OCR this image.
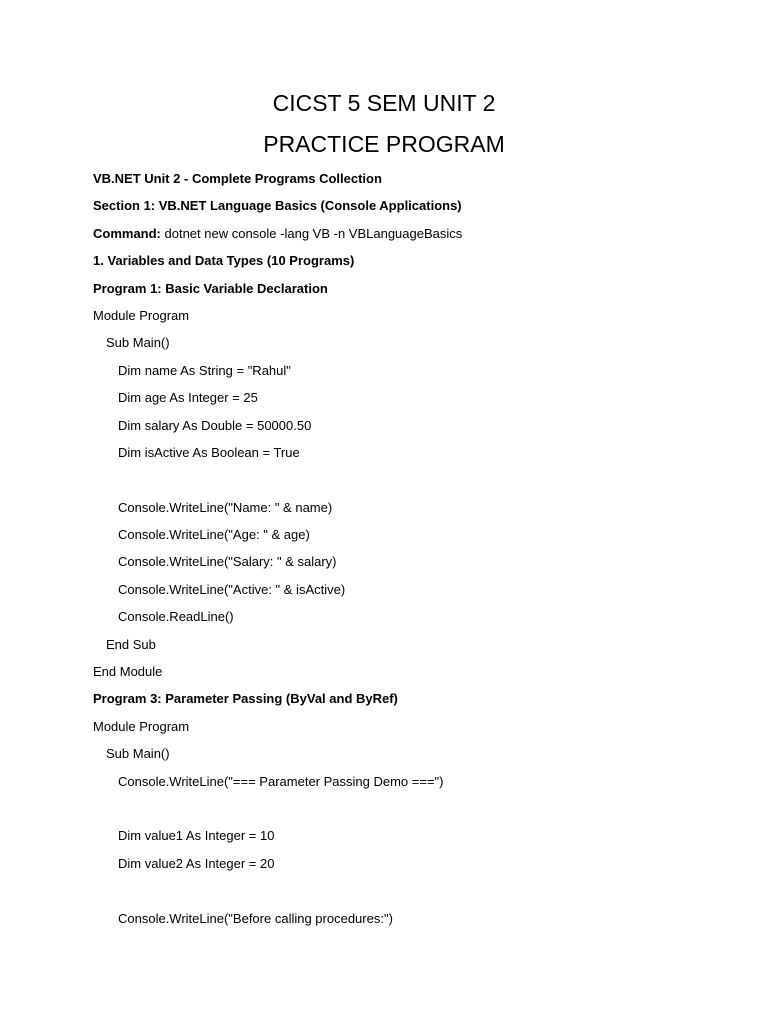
CICST 5 SEM UNIT 2
PRACTICE PROGRAM
VB.NET Unit 2 - Complete Programs Collection
Section 1: VB.NET Language Basics (Console Applications)
Command: dotnet new console -lang VB -n VBLanguageBasics
1. Variables and Data Types (10 Programs)
Program 1: Basic Variable Declaration
Module Program
Sub Main()
Dim name As String = "Rahul"
Dim age As Integer = 25
Dim salary As Double = 50000.50
Dim isActive As Boolean = True
Console.WriteLine("Name: " & name)
Console.WriteLine("Age: " & age)
Console.WriteLine("Salary: " & salary)
Console.WriteLine("Active: " & isActive)
Console.ReadLine()
End Sub
End Module
Program 3: Parameter Passing (ByVal and ByRef)
Module Program
Sub Main()
Console.WriteLine("=== Parameter Passing Demo ===")
Dim value1 As Integer = 10
Dim value2 As Integer = 20
Console.WriteLine("Before calling procedures:")
